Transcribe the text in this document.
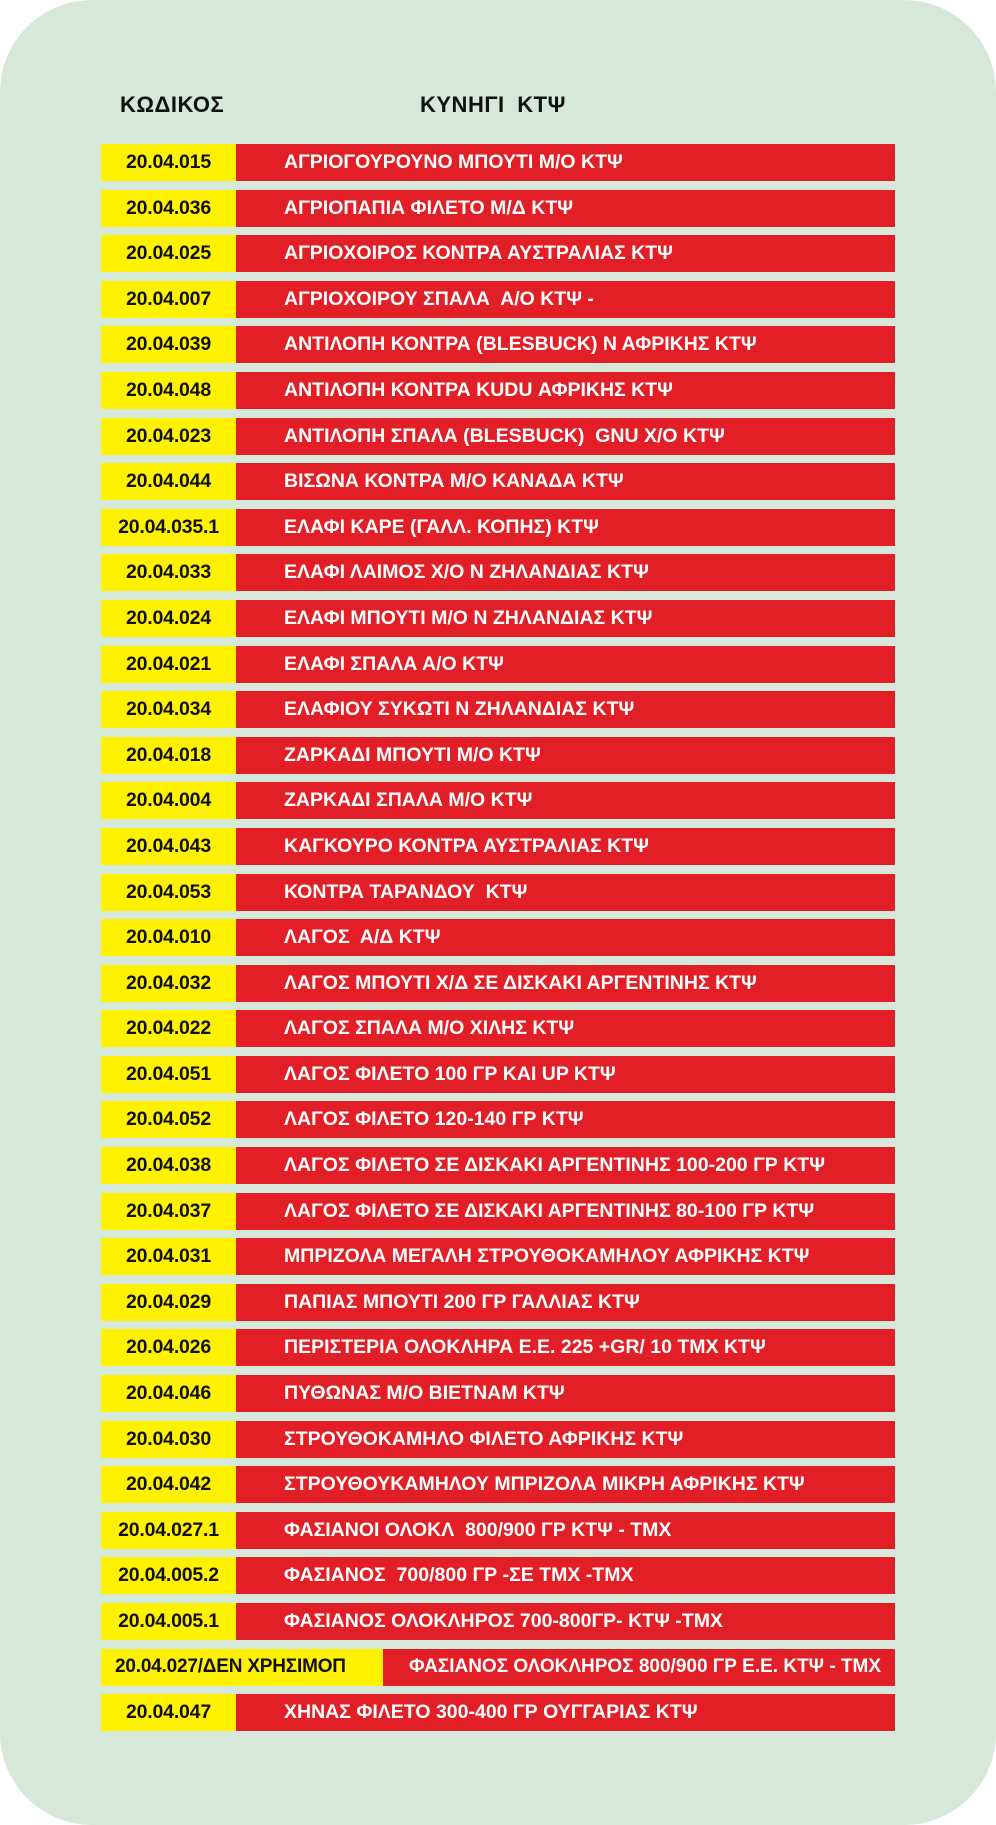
ΚΩΔΙΚΟΣ	ΚΥΝΗΓΙ ΚΤΨ
20.04.015	ΑΓΡΙΟΓΟΥΡΟΥΝΟ ΜΠΟΥΤΙ Μ/Ο ΚΤΨ
20.04.036	ΑΓΡΙΟΠΑΠΙΑ ΦΙΛΕΤΟ Μ/Δ ΚΤΨ
20.04.025	ΑΓΡΙΟΧΟΙΡΟΣ ΚΟΝΤΡΑ ΑΥΣΤΡΑΛΙΑΣ ΚΤΨ
20.04.007	ΑΓΡΙΟΧΟΙΡΟΥ ΣΠΑΛΑ  Α/Ο ΚΤΨ -
20.04.039	ΑΝΤΙΛΟΠΗ ΚΟΝΤΡΑ (BLESBUCK) Ν ΑΦΡΙΚΗΣ ΚΤΨ
20.04.048	ΑΝΤΙΛΟΠΗ ΚΟΝΤΡΑ KUDU ΑΦΡΙΚΗΣ ΚΤΨ
20.04.023	ΑΝΤΙΛΟΠΗ ΣΠΑΛΑ (BLESBUCK)  GNU Χ/Ο ΚΤΨ
20.04.044	ΒΙΣΩΝΑ ΚΟΝΤΡΑ Μ/Ο ΚΑΝΑΔΑ ΚΤΨ
20.04.035.1	ΕΛΑΦΙ ΚΑΡΕ (ΓΑΛΛ. ΚΟΠΗΣ) ΚΤΨ
20.04.033	ΕΛΑΦΙ ΛΑΙΜΟΣ Χ/Ο Ν ΖΗΛΑΝΔΙΑΣ ΚΤΨ
20.04.024	ΕΛΑΦΙ ΜΠΟΥΤΙ Μ/Ο Ν ΖΗΛΑΝΔΙΑΣ ΚΤΨ
20.04.021	ΕΛΑΦΙ ΣΠΑΛΑ Α/Ο ΚΤΨ
20.04.034	ΕΛΑΦΙΟΥ ΣΥΚΩΤΙ Ν ΖΗΛΑΝΔΙΑΣ ΚΤΨ
20.04.018	ΖΑΡΚΑΔΙ ΜΠΟΥΤΙ Μ/Ο ΚΤΨ
20.04.004	ΖΑΡΚΑΔΙ ΣΠΑΛΑ Μ/Ο ΚΤΨ
20.04.043	ΚΑΓΚΟΥΡΟ ΚΟΝΤΡΑ ΑΥΣΤΡΑΛΙΑΣ ΚΤΨ
20.04.053	ΚΟΝΤΡΑ ΤΑΡΑΝΔΟΥ  ΚΤΨ
20.04.010	ΛΑΓΟΣ  Α/Δ ΚΤΨ
20.04.032	ΛΑΓΟΣ ΜΠΟΥΤΙ Χ/Δ ΣΕ ΔΙΣΚΑΚΙ ΑΡΓΕΝΤΙΝΗΣ ΚΤΨ
20.04.022	ΛΑΓΟΣ ΣΠΑΛΑ Μ/Ο ΧΙΛΗΣ ΚΤΨ
20.04.051	ΛΑΓΟΣ ΦΙΛΕΤΟ 100 ΓΡ ΚΑΙ UP ΚΤΨ
20.04.052	ΛΑΓΟΣ ΦΙΛΕΤΟ 120-140 ΓΡ ΚΤΨ
20.04.038	ΛΑΓΟΣ ΦΙΛΕΤΟ ΣΕ ΔΙΣΚΑΚΙ ΑΡΓΕΝΤΙΝΗΣ 100-200 ΓΡ ΚΤΨ
20.04.037	ΛΑΓΟΣ ΦΙΛΕΤΟ ΣΕ ΔΙΣΚΑΚΙ ΑΡΓΕΝΤΙΝΗΣ 80-100 ΓΡ ΚΤΨ
20.04.031	ΜΠΡΙΖΟΛΑ ΜΕΓΑΛΗ ΣΤΡΟΥΘΟΚΑΜΗΛΟΥ ΑΦΡΙΚΗΣ ΚΤΨ
20.04.029	ΠΑΠΙΑΣ ΜΠΟΥΤΙ 200 ΓΡ ΓΑΛΛΙΑΣ ΚΤΨ
20.04.026	ΠΕΡΙΣΤΕΡΙΑ ΟΛΟΚΛΗΡΑ Ε.Ε. 225 +GR/ 10 ΤΜΧ ΚΤΨ
20.04.046	ΠΥΘΩΝΑΣ Μ/Ο ΒΙΕΤΝΑΜ ΚΤΨ
20.04.030	ΣΤΡΟΥΘΟΚΑΜΗΛΟ ΦΙΛΕΤΟ ΑΦΡΙΚΗΣ ΚΤΨ
20.04.042	ΣΤΡΟΥΘΟΥΚΑΜΗΛΟΥ ΜΠΡΙΖΟΛΑ ΜΙΚΡΗ ΑΦΡΙΚΗΣ ΚΤΨ
20.04.027.1	ΦΑΣΙΑΝΟΙ ΟΛΟΚΛ  800/900 ΓΡ ΚΤΨ - ΤΜΧ
20.04.005.2	ΦΑΣΙΑΝΟΣ  700/800 ΓΡ -ΣΕ ΤΜΧ -ΤΜΧ
20.04.005.1	ΦΑΣΙΑΝΟΣ ΟΛΟΚΛΗΡΟΣ 700-800ΓΡ- ΚΤΨ -ΤΜΧ
20.04.027/ΔΕΝ ΧΡΗΣΙΜΟΠ	ΦΑΣΙΑΝΟΣ ΟΛΟΚΛΗΡΟΣ 800/900 ΓΡ Ε.Ε. ΚΤΨ - ΤΜΧ
20.04.047	ΧΗΝΑΣ ΦΙΛΕΤΟ 300-400 ΓΡ ΟΥΓΓΑΡΙΑΣ ΚΤΨ
